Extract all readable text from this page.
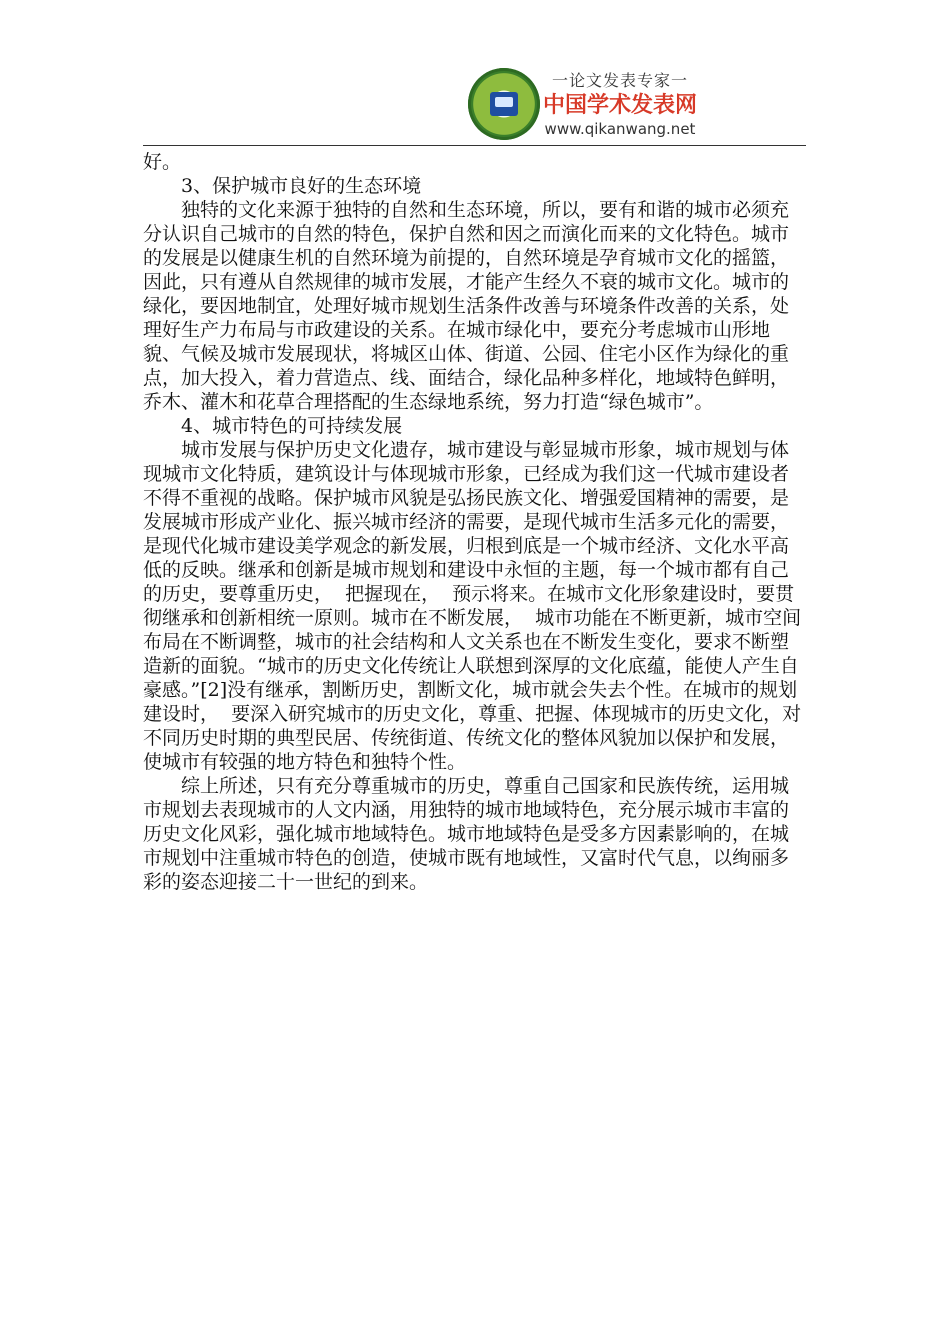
一论文发表专家一
中国学术发表网
www.qikanwang.net

好。

3、保护城市良好的生态环境

独特的文化来源于独特的自然和生态环境，所以，要有和谐的城市必须充分认识自己城市的自然的特色，保护自然和因之而演化而来的文化特色。城市的发展是以健康生机的自然环境为前提的，自然环境是孕育城市文化的摇篮，因此，只有遵从自然规律的城市发展，才能产生经久不衰的城市文化。城市的绿化，要因地制宜，处理好城市规划生活条件改善与环境条件改善的关系，处理好生产力布局与市政建设的关系。在城市绿化中，要充分考虑城市山形地貌、气候及城市发展现状，将城区山体、街道、公园、住宅小区作为绿化的重点，加大投入，着力营造点、线、面结合，绿化品种多样化，地域特色鲜明，乔木、灌木和花草合理搭配的生态绿地系统，努力打造“绿色城市”。

4、城市特色的可持续发展

城市发展与保护历史文化遗存，城市建设与彰显城市形象，城市规划与体现城市文化特质，建筑设计与体现城市形象，已经成为我们这一代城市建设者不得不重视的战略。保护城市风貌是弘扬民族文化、增强爱国精神的需要，是发展城市形成产业化、振兴城市经济的需要，是现代城市生活多元化的需要，是现代化城市建设美学观念的新发展，归根到底是一个城市经济、文化水平高低的反映。继承和创新是城市规划和建设中永恒的主题，每一个城市都有自己的历史，要尊重历史，  把握现在，  预示将来。在城市文化形象建设时，要贯彻继承和创新相统一原则。城市在不断发展，  城市功能在不断更新，城市空间布局在不断调整，城市的社会结构和人文关系也在不断发生变化，要求不断塑造新的面貌。“城市的历史文化传统让人联想到深厚的文化底蕴，能使人产生自豪感。”[2]没有继承，割断历史，割断文化，城市就会失去个性。在城市的规划建设时，  要深入研究城市的历史文化，尊重、把握、体现城市的历史文化，对不同历史时期的典型民居、传统街道、传统文化的整体风貌加以保护和发展，使城市有较强的地方特色和独特个性。

综上所述，只有充分尊重城市的历史，尊重自己国家和民族传统，运用城市规划去表现城市的人文内涵，用独特的城市地域特色，充分展示城市丰富的历史文化风彩，强化城市地域特色。城市地域特色是受多方因素影响的，在城市规划中注重城市特色的创造，使城市既有地域性，又富时代气息，以绚丽多彩的姿态迎接二十一世纪的到来。
